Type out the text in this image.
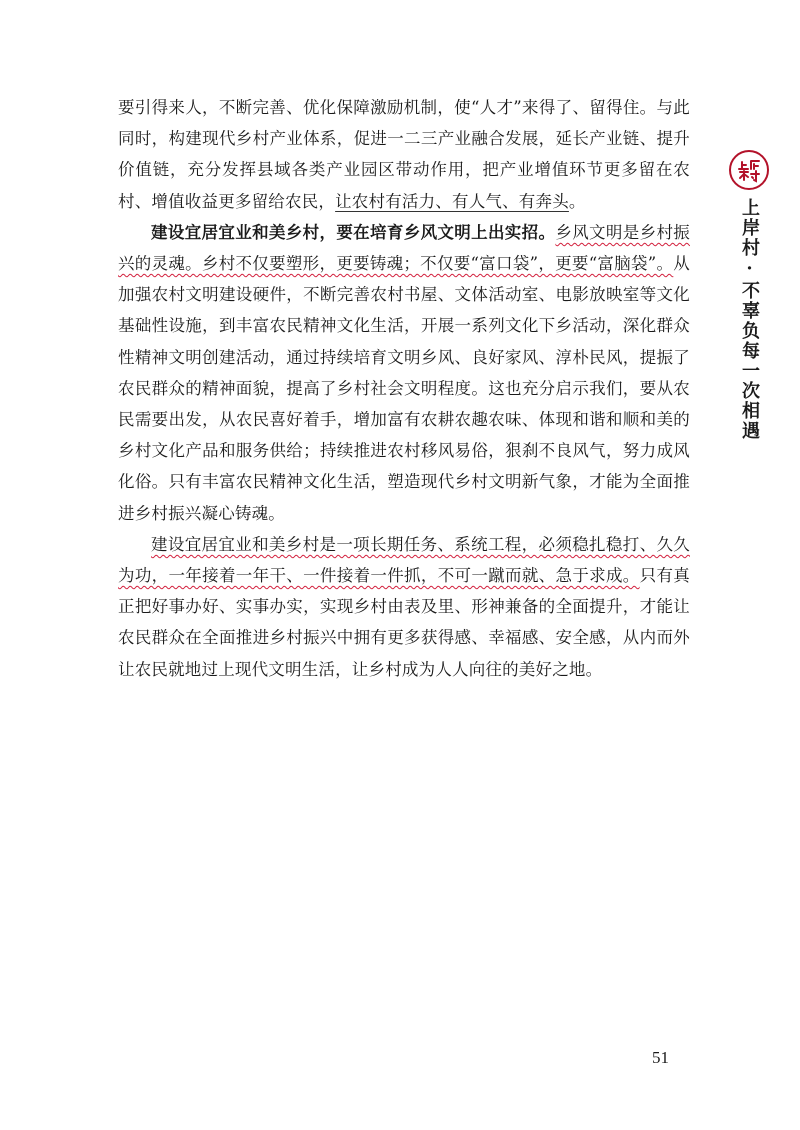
要引得来人，不断完善、优化保障激励机制，使“人才”来得了、留得住。与此同时，构建现代乡村产业体系，促进一二三产业融合发展，延长产业链、提升价值链，充分发挥县域各类产业园区带动作用，把产业增值环节更多留在农村、增值收益更多留给农民，让农村有活力、有人气、有奔头。

建设宜居宜业和美乡村，要在培育乡风文明上出实招。乡风文明是乡村振兴的灵魂。乡村不仅要塑形，更要铸魂；不仅要“富口袋”，更要“富脑袋”。从加强农村文明建设硬件，不断完善农村书屋、文体活动室、电影放映室等文化基础性设施，到丰富农民精神文化生活，开展一系列文化下乡活动，深化群众性精神文明创建活动，通过持续培育文明乡风、良好家风、淳朴民风，提振了农民群众的精神面貌，提高了乡村社会文明程度。这也充分启示我们，要从农民需要出发，从农民喜好着手，增加富有农耕农趣农味、体现和谐和顺和美的乡村文化产品和服务供给；持续推进农村移风易俗，狠刹不良风气，努力成风化俗。只有丰富农民精神文化生活，塑造现代乡村文明新气象，才能为全面推进乡村振兴凝心铸魂。

建设宜居宜业和美乡村是一项长期任务、系统工程，必须稳扎稳打、久久为功，一年接着一年干、一件接着一件抓，不可一蹴而就、急于求成。只有真正把好事办好、实事办实，实现乡村由表及里、形神兼备的全面提升，才能让农民群众在全面推进乡村振兴中拥有更多获得感、幸福感、安全感，从内而外让农民就地过上现代文明生活，让乡村成为人人向往的美好之地。

上岸村·不辜负每一次相遇
51
